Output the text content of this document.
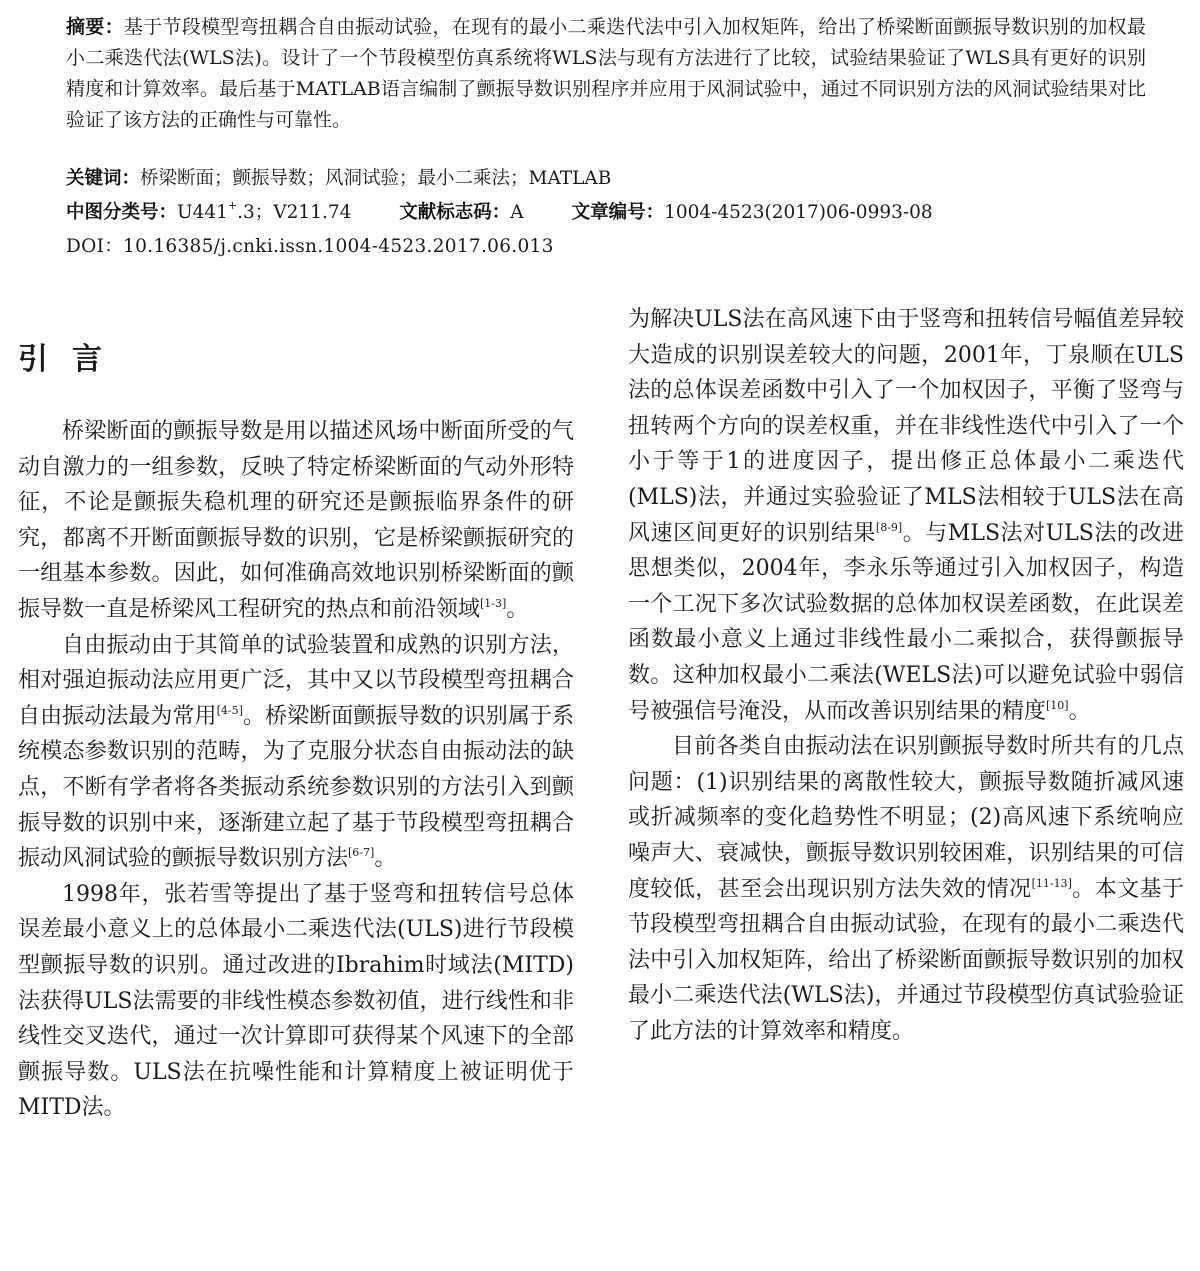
摘要：基于节段模型弯扭耦合自由振动试验，在现有的最小二乘迭代法中引入加权矩阵，给出了桥梁断面颤振导数识别的加权最小二乘迭代法(WLS法)。设计了一个节段模型仿真系统将WLS法与现有方法进行了比较，试验结果验证了WLS具有更好的识别精度和计算效率。最后基于MATLAB语言编制了颤振导数识别程序并应用于风洞试验中，通过不同识别方法的风洞试验结果对比验证了该方法的正确性与可靠性。
关键词：桥梁断面；颤振导数；风洞试验；最小二乘法；MATLAB
中图分类号：U441+.3；V211.74	文献标志码：A	文章编号：1004-4523(2017)06-0993-08
DOI：10.16385/j.cnki.issn.1004-4523.2017.06.013
引言

桥梁断面的颤振导数是用以描述风场中断面所受的气动自激力的一组参数，反映了特定桥梁断面的气动外形特征，不论是颤振失稳机理的研究还是颤振临界条件的研究，都离不开断面颤振导数的识别，它是桥梁颤振研究的一组基本参数。因此，如何准确高效地识别桥梁断面的颤振导数一直是桥梁风工程研究的热点和前沿领域[1-3]。

自由振动由于其简单的试验装置和成熟的识别方法，相对强迫振动法应用更广泛，其中又以节段模型弯扭耦合自由振动法最为常用[4-5]。桥梁断面颤振导数的识别属于系统模态参数识别的范畴，为了克服分状态自由振动法的缺点，不断有学者将各类振动系统参数识别的方法引入到颤振导数的识别中来，逐渐建立起了基于节段模型弯扭耦合振动风洞试验的颤振导数识别方法[6-7]。

1998年，张若雪等提出了基于竖弯和扭转信号总体误差最小意义上的总体最小二乘迭代法(ULS)进行节段模型颤振导数的识别。通过改进的Ibrahim时域法(MITD)法获得ULS法需要的非线性模态参数初值，进行线性和非线性交叉迭代，通过一次计算即可获得某个风速下的全部颤振导数。ULS法在抗噪性能和计算精度上被证明优于MITD法。

为解决ULS法在高风速下由于竖弯和扭转信号幅值差异较大造成的识别误差较大的问题，2001年，丁泉顺在ULS法的总体误差函数中引入了一个加权因子，平衡了竖弯与扭转两个方向的误差权重，并在非线性迭代中引入了一个小于等于1的进度因子，提出修正总体最小二乘迭代(MLS)法，并通过实验验证了MLS法相较于ULS法在高风速区间更好的识别结果[8-9]。与MLS法对ULS法的改进思想类似，2004年，李永乐等通过引入加权因子，构造一个工况下多次试验数据的总体加权误差函数，在此误差函数最小意义上通过非线性最小二乘拟合，获得颤振导数。这种加权最小二乘法(WELS法)可以避免试验中弱信号被强信号淹没，从而改善识别结果的精度[10]。

目前各类自由振动法在识别颤振导数时所共有的几点问题：(1)识别结果的离散性较大，颤振导数随折减风速或折减频率的变化趋势性不明显；(2)高风速下系统响应噪声大、衰减快，颤振导数识别较困难，识别结果的可信度较低，甚至会出现识别方法失效的情况[11-13]。本文基于节段模型弯扭耦合自由振动试验，在现有的最小二乘迭代法中引入加权矩阵，给出了桥梁断面颤振导数识别的加权最小二乘迭代法(WLS法)，并通过节段模型仿真试验验证了此方法的计算效率和精度。
